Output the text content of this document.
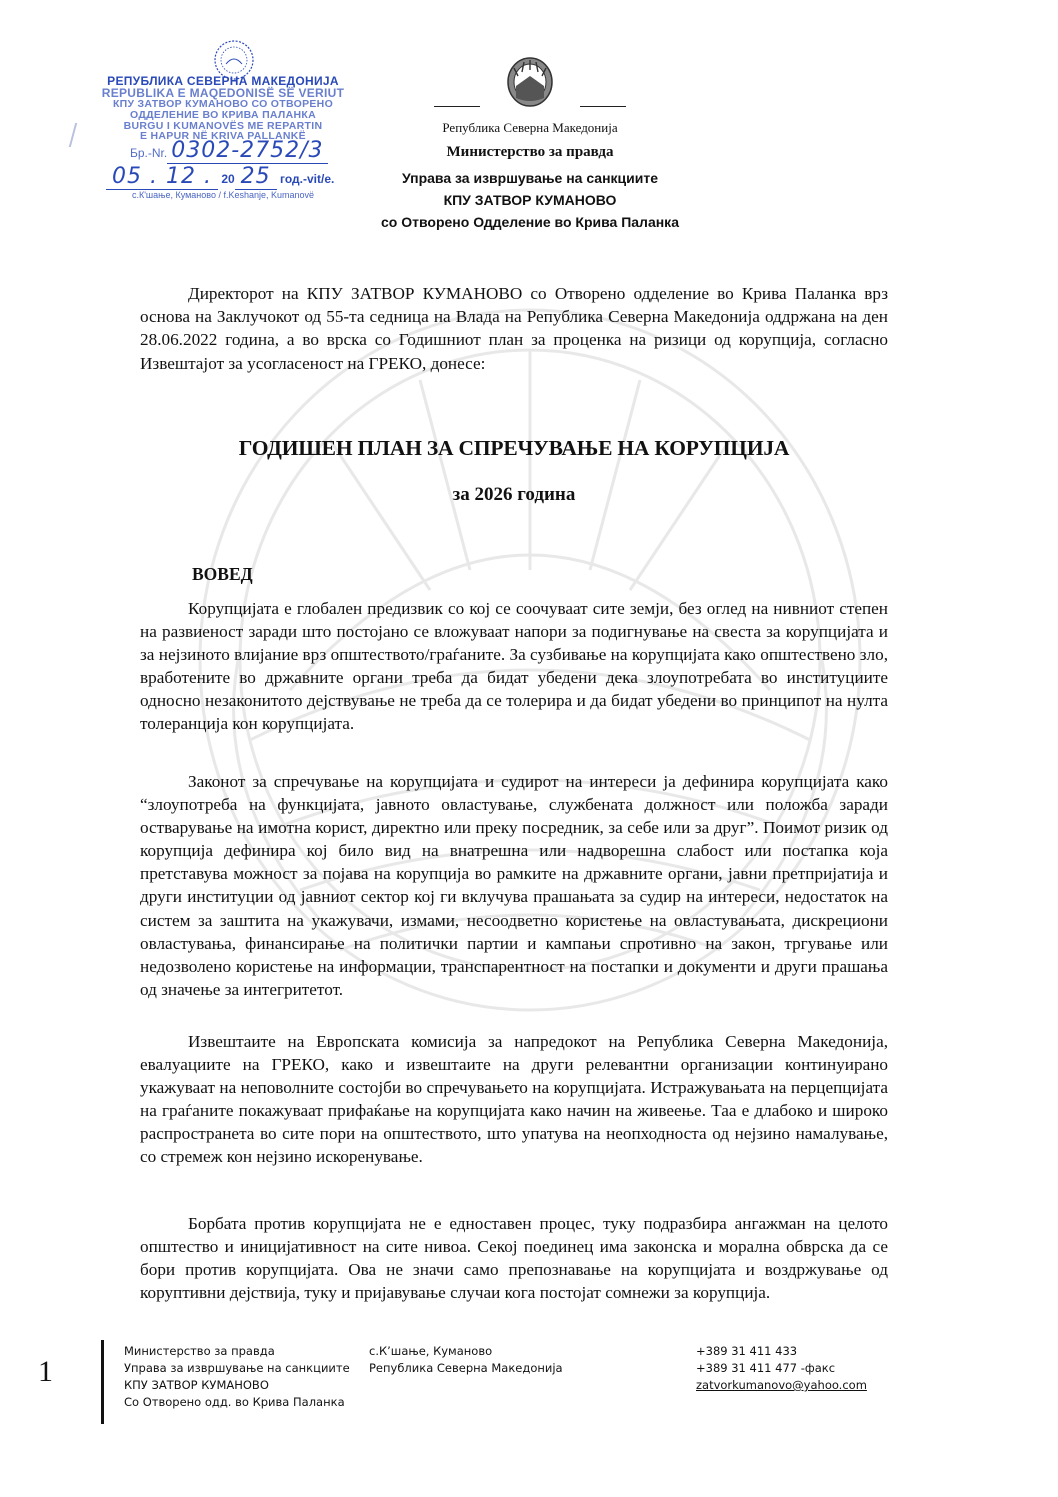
РЕПУБЛИКА СЕВЕРНА МАКЕДОНИЈА
REPUBLIKA E MAQEDONISË SË VERIUT
КПУ ЗАТВОР КУМАНОВО СО ОТВОРЕНО
ОДДЕЛЕНИЕ ВО КРИВА ПАЛАНКА
BURGU I KUMANOVËS ME REPARTIN
E HAPUR NË KRIVA PALLANKË
Бр.-Nr. 0302-2752/3
05 . 12 . 20 25 год.-vit/e.
с.К'шање, Куманово / f.Keshanje, Kumanovë
Република Северна Македонија
Министерство за правда
Управа за извршување на санкциите
КПУ ЗАТВОР КУМАНОВО
со Отворено Одделение во Крива Паланка

Директорот на КПУ ЗАТВОР КУМАНОВО со Отворено одделение во Крива Паланка врз основа на Заклучокот од 55-та седница на Влада на Република Северна Македонија оддржана на ден 28.06.2022 година, а во врска со Годишниот план за проценка на ризици од корупција, согласно Извештајот за усогласеност на ГРЕКО, донесе:

ГОДИШЕН ПЛАН ЗА СПРЕЧУВАЊЕ НА КОРУПЦИЈА
за 2026 година
ВОВЕД

Корупцијата е глобален предизвик со кој се соочуваат сите земји, без оглед на нивниот степен на развиеност заради што постојано се вложуваат напори за подигнување на свеста за корупцијата и за нејзиното влијание врз општеството/граѓаните. За сузбивање на корупцијата како општествено зло, вработените во државните органи треба да бидат убедени дека злоупотребата во институциите односно незаконитото дејствување не треба да се толерира и да бидат убедени во принципот на нулта толеранција кон корупцијата.

Законот за спречување на корупцијата и судирот на интереси ја дефинира корупцијата како “злоупотреба на функцијата, јавното овластување, службената должност или положба заради остварување на имотна корист, директно или преку посредник, за себе или за друг”. Поимот ризик од корупција дефинира кој било вид на внатрешна или надворешна слабост или постапка која претставува можност за појава на корупција во рамките на државните органи, јавни претпријатија и други институции од јавниот сектор кој ги вклучува прашањата за судир на интереси, недостаток на систем за заштита на укажувачи, измами, несоодветно користење на овластувањата, дискрециони овластувања, финансирање на политички партии и кампањи спротивно на закон, тргување или недозволено користење на информации, транспарентност на постапки и документи и други прашања од значење за интегритетот.

Извештаите на Европската комисија за напредокот на Република Северна Македонија, евалуациите на ГРЕКО, како и извештаите на други релевантни организации континуирано укажуваат на неповолните состојби во спречувањето на корупцијата. Истражувањата на перцепцијата на граѓаните покажуваат прифаќање на корупцијата како начин на живеење. Таа е длабоко и широко распространета во сите пори на општеството, што упатува на неопходноста од нејзино намалување, со стремеж кон нејзино искоренување.

Борбата против корупцијата не е едноставен процес, туку подразбира ангажман на целото општество и иницијативност на сите нивоа. Секој поединец има законска и морална обврска да се бори против корупцијата. Ова не значи само препознавање на корупцијата и воздржување од коруптивни дејствија, туку и пријавување случаи кога постојат сомнежи за корупција.

1
Министерство за правда
Управа за извршување на санкциите
КПУ ЗАТВОР КУМАНОВО
Со Отворено одд. во Крива Паланка
с.К’шање, Куманово
Република Северна Македонија
+389 31 411 433
+389 31 411 477 -факс
zatvorkumanovo@yahoo.com
